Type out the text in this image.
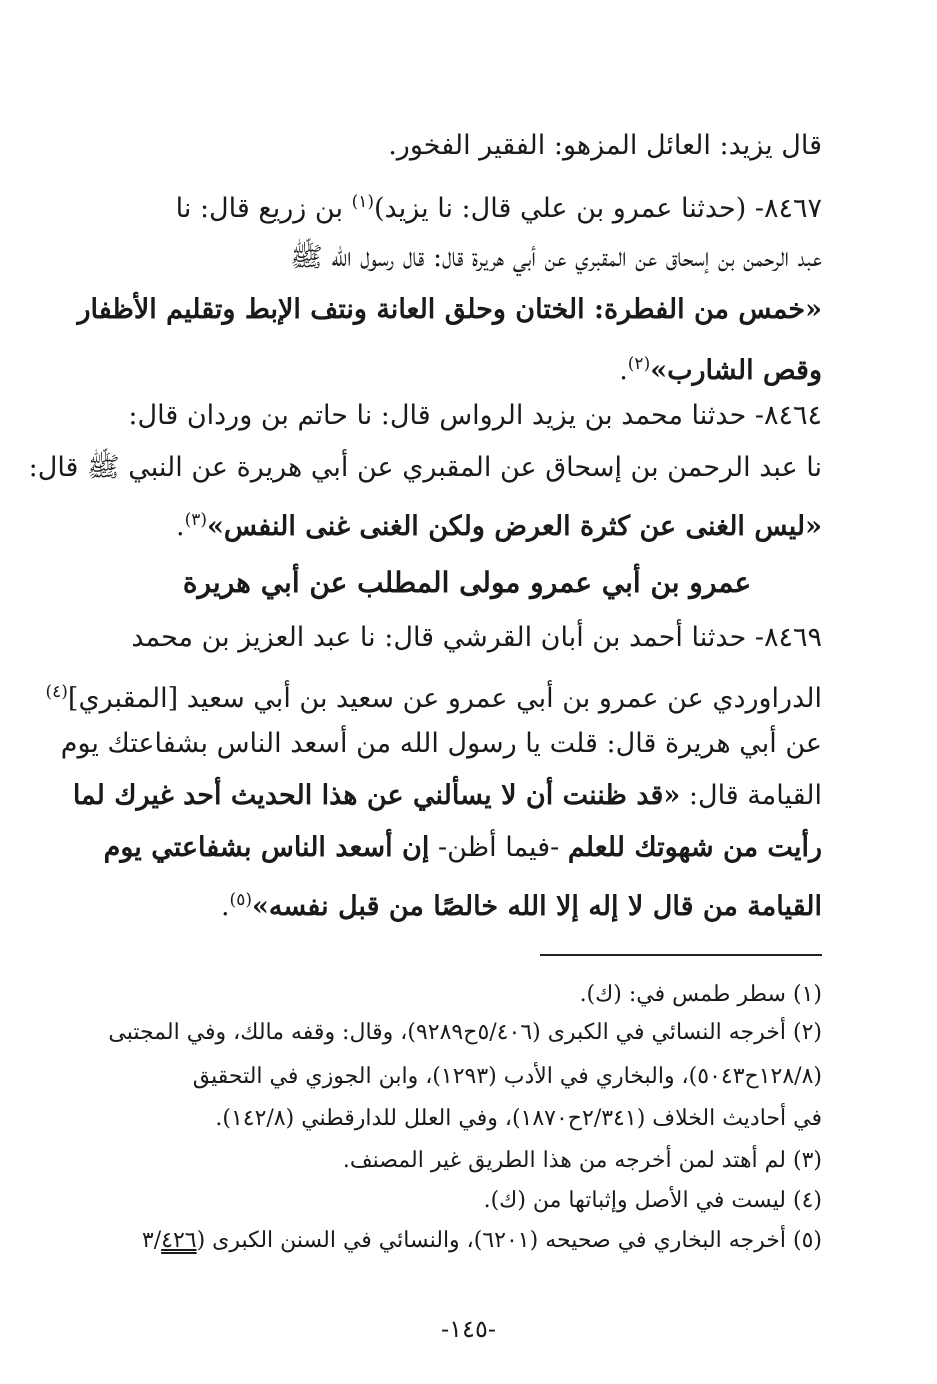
قال يزيد: العائل المزهو: الفقير الفخور.
٨٤٦٧- (حدثنا عمرو بن علي قال: نا يزيد)$^{(١)}$ بن زريع قال: نا
عبد الرحمن بن إسحاق عن المقبري عن أبي هريرة قال: قال رسول الله ﷺ
«خمس من الفطرة: الختان وحلق العانة ونتف الإبط وتقليم الأظفار
وقص الشارب»$^{(٢)}$.
٨٤٦٤- حدثنا محمد بن يزيد الرواس قال: نا حاتم بن وردان قال:
نا عبد الرحمن بن إسحاق عن المقبري عن أبي هريرة عن النبي ﷺ قال:
«ليس الغنى عن كثرة العرض ولكن الغنى غنى النفس»$^{(٣)}$.
عمرو بن أبي عمرو مولى المطلب عن أبي هريرة
٨٤٦٩- حدثنا أحمد بن أبان القرشي قال: نا عبد العزيز بن محمد
الدراوردي عن عمرو بن أبي عمرو عن سعيد بن أبي سعيد [المقبري]$^{(٤)}$
عن أبي هريرة قال: قلت يا رسول الله من أسعد الناس بشفاعتك يوم
القيامة قال: «قد ظننت أن لا يسألني عن هذا الحديث أحد غيرك لما
رأيت من شهوتك للعلم -فيما أظن- إن أسعد الناس بشفاعتي يوم
القيامة من قال لا إله إلا الله خالصًا من قبل نفسه»$^{(٥)}$.
(١) سطر طمس في: (ك).
(٢) أخرجه النسائي في الكبرى (٥/٤٠٦ح٩٢٨٩)، وقال: وقفه مالك، وفي المجتبى
(١٢٨/٨ح٥٠٤٣)، والبخاري في الأدب (١٢٩٣)، وابن الجوزي في التحقيق
في أحاديث الخلاف (٢/٣٤١ح١٨٧٠)، وفي العلل للدارقطني (١٤٢/٨).
(٣) لم أهتد لمن أخرجه من هذا الطريق غير المصنف.
(٤) ليست في الأصل وإثباتها من (ك).
(٥) أخرجه البخاري في صحيحه (٦٢٠١)، والنسائي في السنن الكبرى (٣/٤٢٦
-١٤٥-
